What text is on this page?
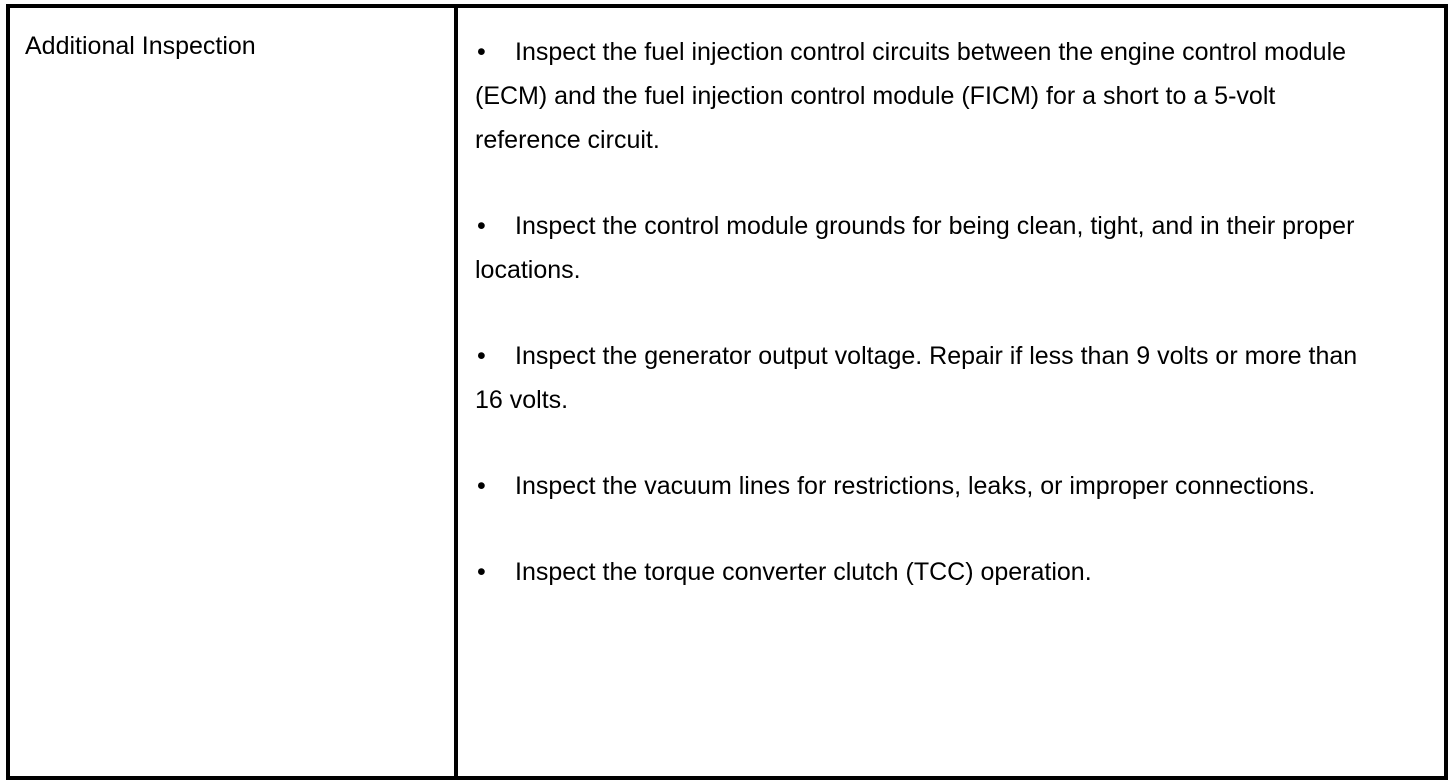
Additional Inspection	• Inspect the fuel injection control circuits between the engine control module (ECM) and the fuel injection control module (FICM) for a short to a 5-volt reference circuit.
• Inspect the control module grounds for being clean, tight, and in their proper locations.
• Inspect the generator output voltage. Repair if less than 9 volts or more than 16 volts.
• Inspect the vacuum lines for restrictions, leaks, or improper connections.
• Inspect the torque converter clutch (TCC) operation.
